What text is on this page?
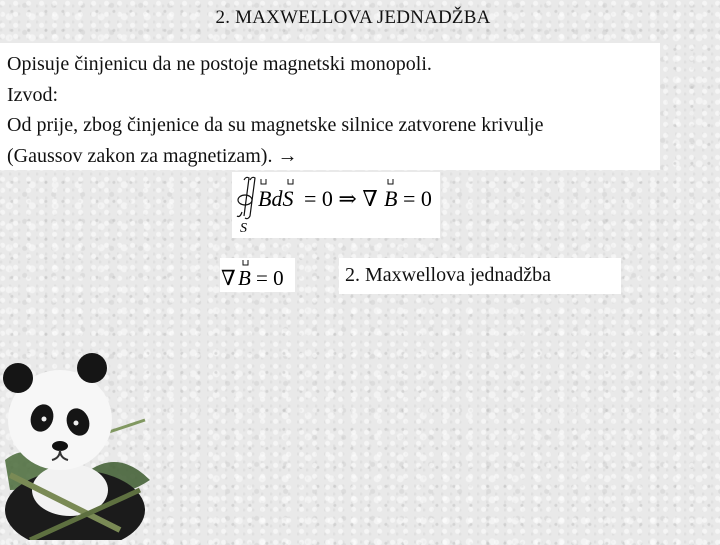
2. MAXWELLOVA JEDNADŽBA
Opisuje činjenicu da ne postoje magnetski monopoli.
Izvod:
Od prije, zbog činjenice da su magnetske silnice zatvorene krivulje
(Gaussov zakon za magnetizam). →
S
BdS = 0 ⇒ ∇ B = 0
∇ B = 0	2. Maxwellova jednadžba
